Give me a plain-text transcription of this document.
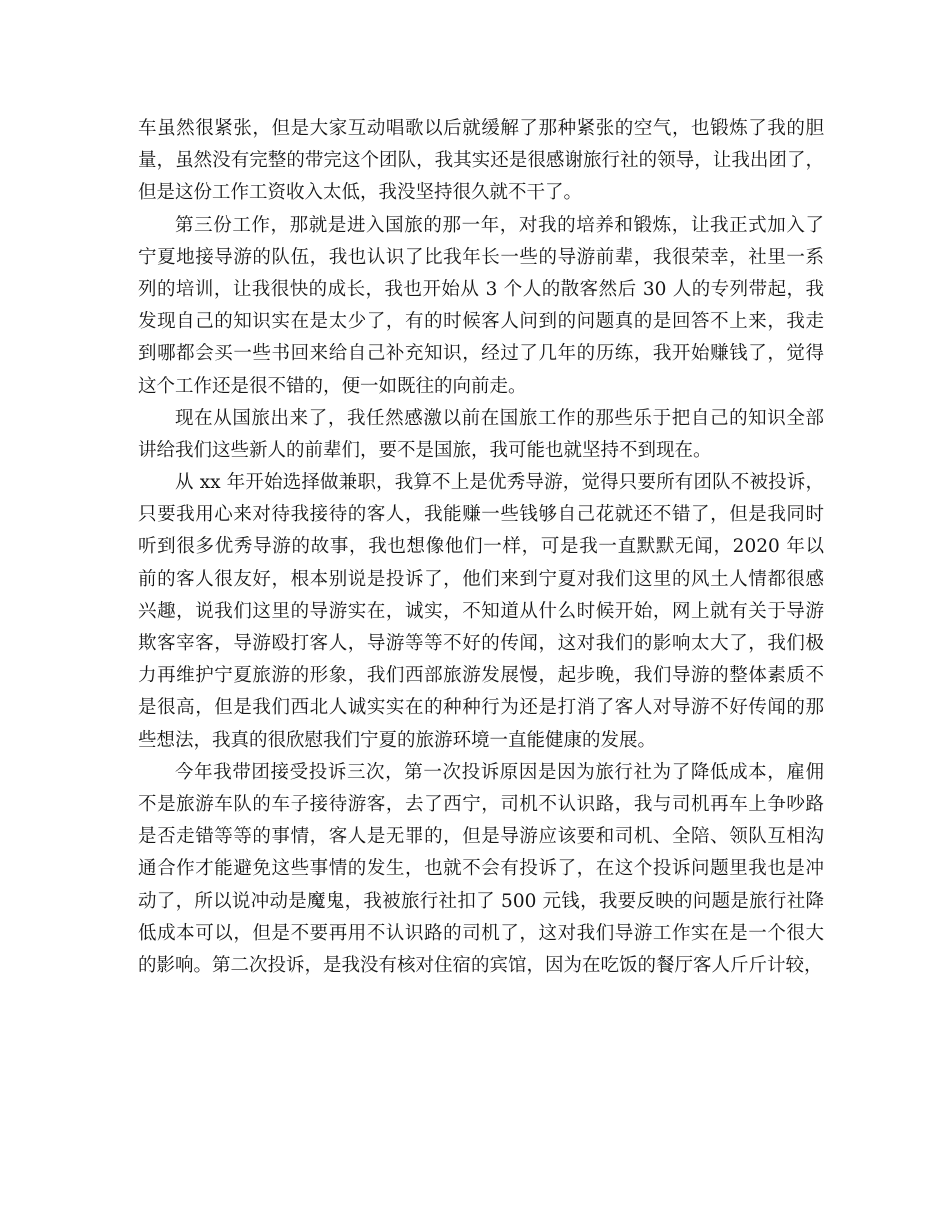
车虽然很紧张，但是大家互动唱歌以后就缓解了那种紧张的空气，也锻炼了我的胆
量，虽然没有完整的带完这个团队，我其实还是很感谢旅行社的领导，让我出团了，
但是这份工作工资收入太低，我没坚持很久就不干了。
第三份工作，那就是进入国旅的那一年，对我的培养和锻炼，让我正式加入了
宁夏地接导游的队伍，我也认识了比我年长一些的导游前辈，我很荣幸，社里一系
列的培训，让我很快的成长，我也开始从 3 个人的散客然后 30 人的专列带起，我
发现自己的知识实在是太少了，有的时候客人问到的问题真的是回答不上来，我走
到哪都会买一些书回来给自己补充知识，经过了几年的历练，我开始赚钱了，觉得
这个工作还是很不错的，便一如既往的向前走。
现在从国旅出来了，我任然感激以前在国旅工作的那些乐于把自己的知识全部
讲给我们这些新人的前辈们，要不是国旅，我可能也就坚持不到现在。
从 xx 年开始选择做兼职，我算不上是优秀导游，觉得只要所有团队不被投诉，
只要我用心来对待我接待的客人，我能赚一些钱够自己花就还不错了，但是我同时
听到很多优秀导游的故事，我也想像他们一样，可是我一直默默无闻，2020 年以
前的客人很友好，根本别说是投诉了，他们来到宁夏对我们这里的风土人情都很感
兴趣，说我们这里的导游实在，诚实，不知道从什么时候开始，网上就有关于导游
欺客宰客，导游殴打客人，导游等等不好的传闻，这对我们的影响太大了，我们极
力再维护宁夏旅游的形象，我们西部旅游发展慢，起步晚，我们导游的整体素质不
是很高，但是我们西北人诚实实在的种种行为还是打消了客人对导游不好传闻的那
些想法，我真的很欣慰我们宁夏的旅游环境一直能健康的发展。
今年我带团接受投诉三次，第一次投诉原因是因为旅行社为了降低成本，雇佣
不是旅游车队的车子接待游客，去了西宁，司机不认识路，我与司机再车上争吵路
是否走错等等的事情，客人是无罪的，但是导游应该要和司机、全陪、领队互相沟
通合作才能避免这些事情的发生，也就不会有投诉了，在这个投诉问题里我也是冲
动了，所以说冲动是魔鬼，我被旅行社扣了 500 元钱，我要反映的问题是旅行社降
低成本可以，但是不要再用不认识路的司机了，这对我们导游工作实在是一个很大
的影响。第二次投诉，是我没有核对住宿的宾馆，因为在吃饭的餐厅客人斤斤计较，
